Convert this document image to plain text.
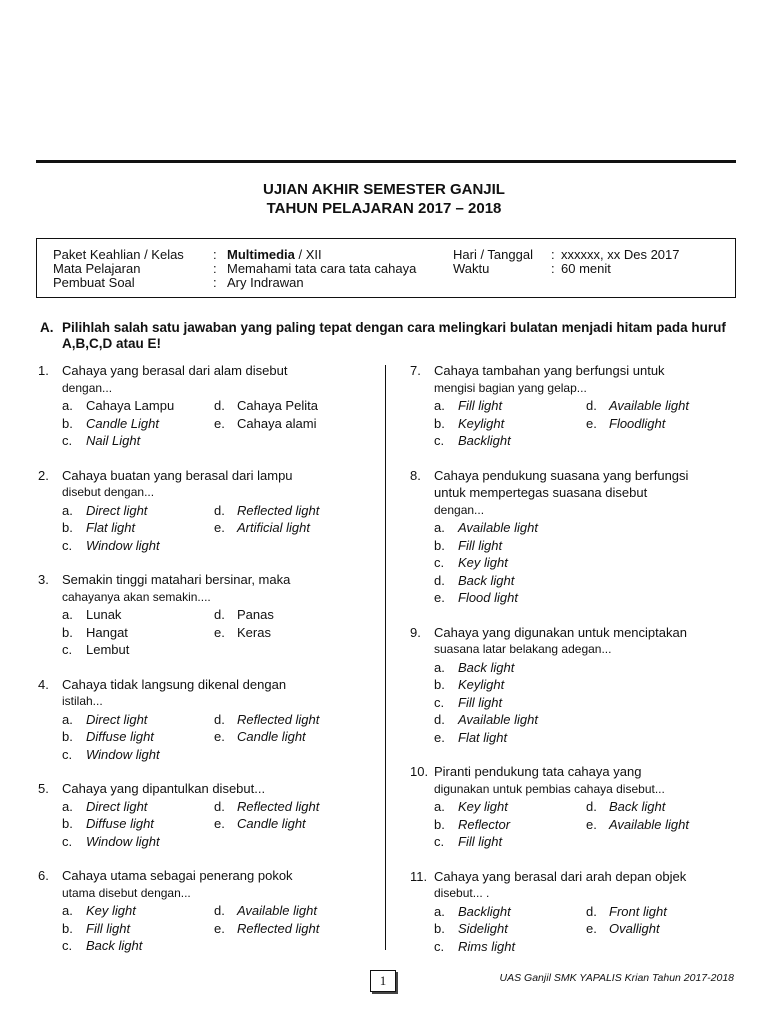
UJIAN AKHIR SEMESTER GANJIL
TAHUN PELAJARAN 2017 – 2018
Paket Keahlian / Kelas : Multimedia / XII
Mata Pelajaran	: Memahami tata cara tata cahaya
Pembuat Soal	: Ary Indrawan
Hari / Tanggal : xxxxxx, xx Des 2017
Waktu	: 60 menit
A. Pilihlah salah satu jawaban yang paling tepat dengan cara melingkari bulatan menjadi hitam pada huruf A,B,C,D atau E!
1. Cahaya yang berasal dari alam disebut
dengan...
a. Cahaya Lampu	d. Cahaya Pelita
b. Candle Light	e. Cahaya alami
c. Nail Light
2. Cahaya buatan yang berasal dari lampu
disebut dengan...
a. Direct light	d. Reflected light
b. Flat light	e. Artificial light
c. Window light
3. Semakin tinggi matahari bersinar, maka
cahayanya akan semakin....
a. Lunak	d. Panas
b. Hangat	e. Keras
c. Lembut
4. Cahaya tidak langsung dikenal dengan
istilah...
a. Direct light	d. Reflected light
b. Diffuse light	e. Candle light
c. Window light
5. Cahaya yang dipantulkan disebut...
a. Direct light	d. Reflected light
b. Diffuse light	e. Candle light
c. Window light
6. Cahaya utama sebagai penerang pokok
utama disebut dengan...
a. Key light	d. Available light
b. Fill light	e. Reflected light
c. Back light
7. Cahaya tambahan yang berfungsi untuk
mengisi bagian yang gelap...
a. Fill light	d. Available light
b. Keylight	e. Floodlight
c. Backlight
8. Cahaya pendukung suasana yang berfungsi
untuk mempertegas suasana disebut
dengan...
a. Available light
b. Fill light
c. Key light
d. Back light
e. Flood light
9. Cahaya yang digunakan untuk menciptakan
suasana latar belakang adegan...
a. Back light
b. Keylight
c. Fill light
d. Available light
e. Flat light
10. Piranti pendukung tata cahaya yang
digunakan untuk pembias cahaya disebut...
a. Key light	d. Back light
b. Reflector	e. Available light
c. Fill light
11. Cahaya yang berasal dari arah depan objek
disebut... .
a. Backlight	d. Front light
b. Sidelight	e. Ovallight
c. Rims light
1	UAS Ganjil SMK YAPALIS Krian Tahun 2017-2018
